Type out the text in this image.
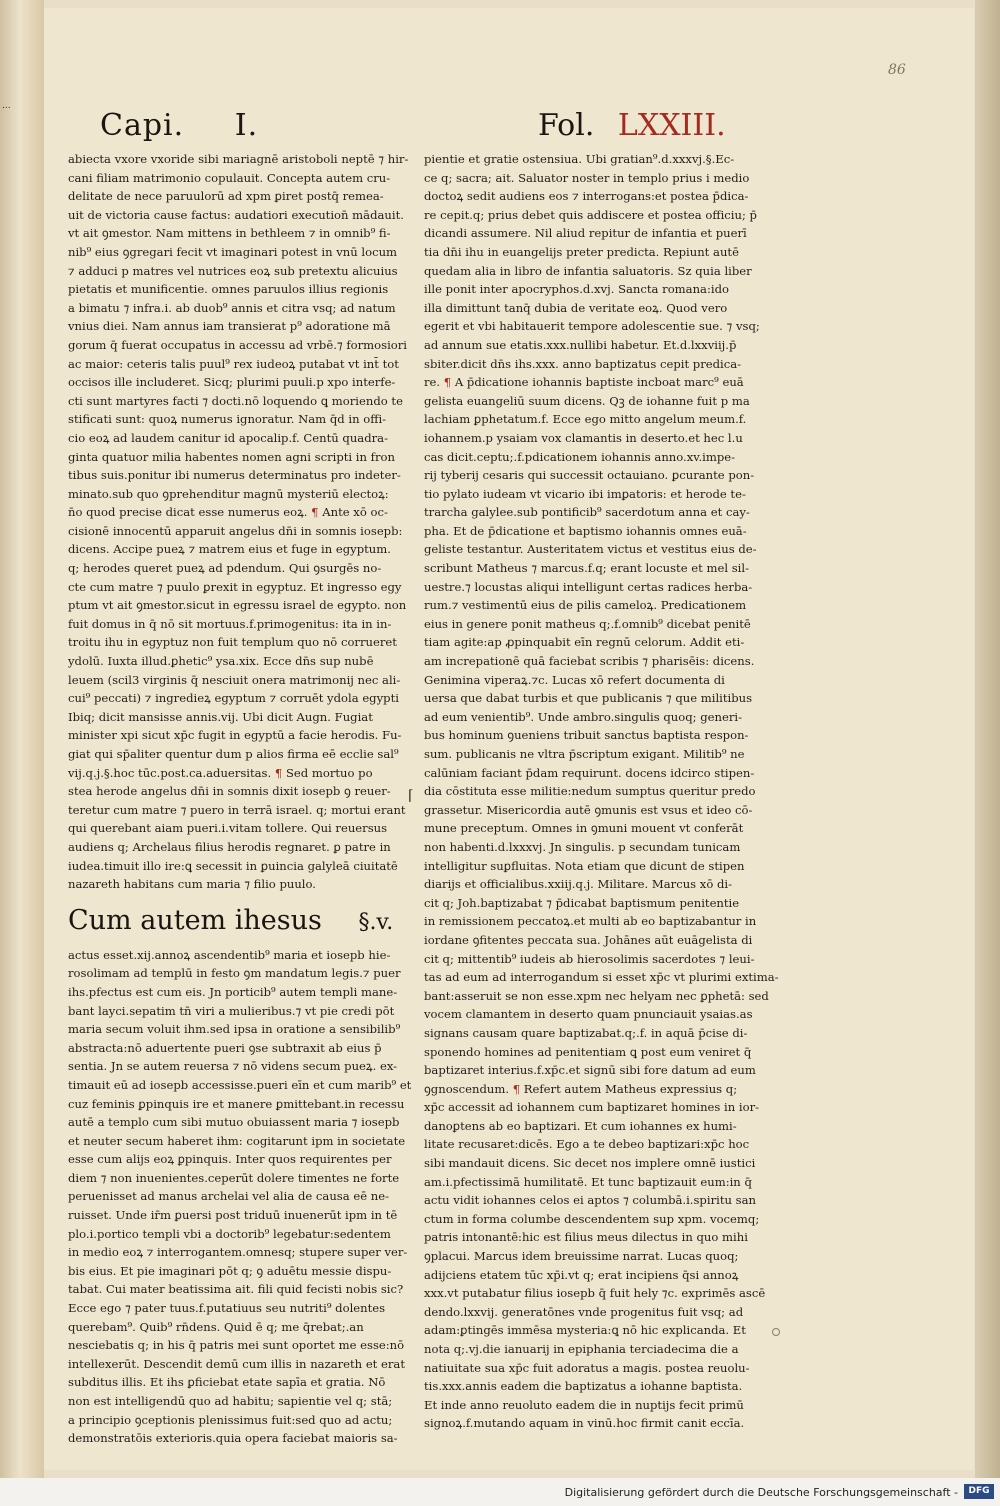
...
86
Capi. I.	Fol. LXXIII.
abiecta vxore vxoride sibi mariagnē aristoboli neptē ⁊ hir-
cani filiam matrimonio copulauit. Concepta autem cru-
delitate de nece paruulorū ad xpm ꝑiret postq̄ remea-
uit de victoria cause factus: audatiori execution̄ mādauit.
vt ait ꝯmestor. Nam mittens in bethleem ⁊ in omnib⁹ fi-
nib⁹ eius ꝯgregari fecit vt imaginari potest in vnū locum
⁊ adduci p matres vel nutrices eoꝝ sub pretextu alicuius
pietatis et munificentie. omnes paruulos illius regionis
a bimatu ⁊ infra.i. ab duob⁹ annis et citra vsq; ad natum
vnius diei. Nam annus iam transierat p⁹ adoratione mā
gorum q̄ fuerat occupatus in accessu ad vrbē.⁊ formosiori
ac maior: ceteris talis puul⁹ rex iudeoꝝ putabat vt int̄ tot
occisos ille includeret. Sicq; plurimi puuli.p xpo interfe-
cti sunt martyres facti ⁊ docti.nō loquendo ꝗ moriendo te
stificati sunt: quoꝝ numerus ignoratur. Nam q̄d in offi-
cio eoꝝ ad laudem canitur id apocalip.f. Centū quadra-
ginta quatuor milia habentes nomen agni scripti in fron
tibus suis.ponitur ibi numerus determinatus pro indeter-
minato.sub quo ꝯprehenditur magnū mysteriū electoꝝ:
n̄o quod precise dicat esse numerus eoꝝ. ¶ Ante xō oc-
cisionē innocentū apparuit angelus dn̄i in somnis iosepb:
dicens. Accipe pueꝝ ⁊ matrem eius et fuge in egyptum.
q; herodes queret pueꝝ ad pdendum. Qui ꝯsurgēs no-
cte cum matre ⁊ puulo ꝑrexit in egyptuz. Et ingresso egy
ptum vt ait ꝯmestor.sicut in egressu israel de egypto. non
fuit domus in q̄ nō sit mortuus.f.primogenitus: ita in in-
troitu ihu in egyptuz non fuit templum quo nō corrueret
ydolū. Iuxta illud.ꝑhetic⁹ ysa.xix. Ecce dn̄s sup nubē
leuem (scil3 virginis q̄ nesciuit onera matrimonij nec ali-
cui⁹ peccati) ⁊ ingredieꝝ egyptum ⁊ corruēt ydola egypti
Ibiq; dicit mansisse annis.vij. Ubi dicit Augn. Fugiat
minister xpi sicut xp̄c fugit in egyptū a facie herodis. Fu-
giat qui sp̄aliter quentur dum p alios firma eē ecclie sal⁹
vij.q.j.§.hoc tūc.post.ca.aduersitas. ¶ Sed mortuo po
stea herode angelus dn̄i in somnis dixit iosepb ꝯ reuer-
teretur cum matre ⁊ puero in terrā israel. q; mortui erant
qui querebant aiam pueri.i.vitam tollere. Qui reuersus
audiens q; Archelaus filius herodis regnaret. ꝑ patre in
iudea.timuit illo ire:ꝗ secessit in ꝑuincia galyleā ciuitatē
nazareth habitans cum maria ⁊ filio puulo.
Cum autem ihesus §.v.
actus esset.xij.annoꝝ ascendentib⁹ maria et iosepb hie-
rosolimam ad templū in festo ꝯm mandatum legis.⁊ puer
ihs.pfectus est cum eis. Jn porticib⁹ autem templi mane-
bant layci.sepatim tn̄ viri a mulieribus.⁊ vt pie credi pōt
maria secum voluit ihm.sed ipsa in oratione a sensibilib⁹
abstracta:nō aduertente pueri ꝯse subtraxit ab eius p̄
sentia. Jn se autem reuersa ⁊ nō videns secum pueꝝ. ex-
timauit eū ad iosepb accessisse.pueri eīn et cum marib⁹ et
cuz feminis ꝑpinquis ire et manere ꝑmittebant.in recessu
autē a templo cum sibi mutuo obuiassent maria ⁊ iosepb
et neuter secum haberet ihm: cogitarunt ipm in societate
esse cum alijs eoꝝ ꝑpinquis. Inter quos requirentes per
diem ⁊ non inuenientes.ceperūt dolere timentes ne forte
peruenisset ad manus archelai vel alia de causa eē ne-
ruisset. Unde ir̄m ꝑuersi post triduū inuenerūt ipm in tē
plo.i.portico templi vbi a doctorib⁹ legebatur:sedentem
in medio eoꝝ ⁊ interrogantem.omnesq; stupere super ver-
bis eius. Et pie imaginari pōt q; ꝯ aduētu messie dispu-
tabat. Cui mater beatissima ait. fili quid fecisti nobis sic?
Ecce ego ⁊ pater tuus.f.putatiuus seu nutriti⁹ dolentes
querebam⁹. Quib⁹ rn̄dens. Quid ē q; me q̄rebat;.an
nesciebatis q; in his q̄ patris mei sunt oportet me esse:nō
intellexerūt. Descendit demū cum illis in nazareth et erat
subditus illis. Et ihs ꝑficiebat etate sapīa et gratia. Nō
non est intelligendū quo ad habitu; sapientie vel q; stā;
a principio ꝯceptionis plenissimus fuit:sed quo ad actu;
demonstratōis exterioris.quia opera faciebat maioris sa-
⌈
pientie et gratie ostensiua. Ubi gratian⁹.d.xxxvj.§.Ec-
ce q; sacra; ait. Saluator noster in templo prius i medio
doctoꝝ sedit audiens eos ⁊ interrogans:et postea p̄dica-
re cepit.q; prius debet quis addiscere et postea officiu; p̄
dicandi assumere. Nil aliud repitur de infantia et puerī
tia dn̄i ihu in euangelijs preter predicta. Repiunt autē
quedam alia in libro de infantia saluatoris. Sz quia liber
ille ponit inter apocryphos.d.xvj. Sancta romana:ido
illa dimittunt tanq̄ dubia de veritate eoꝝ. Quod vero
egerit et vbi habitauerit tempore adolescentie sue. ⁊ vsq;
ad annum sue etatis.xxx.nullibi habetur. Et.d.lxxviij.p̄
sbiter.dicit dn̄s ihs.xxx. anno baptizatus cepit predica-
re. ¶ A p̄dicatione iohannis baptiste incboat marc⁹ euā
gelista euangeliū suum dicens. Qꝫ de iohanne fuit p ma
lachiam ꝑphetatum.f. Ecce ego mitto angelum meum.f.
iohannem.p ysaiam vox clamantis in deserto.et hec l.u
cas dicit.ceptu;.f.pdicationem iohannis anno.xv.impe-
rij tyberij cesaris qui successit octauiano. ꝑcurante pon-
tio pylato iudeam vt vicario ibi imꝑatoris: et herode te-
trarcha galylee.sub pontificib⁹ sacerdotum anna et cay-
pha. Et de p̄dicatione et baptismo iohannis omnes euā-
geliste testantur. Austeritatem victus et vestitus eius de-
scribunt Matheus ⁊ marcus.f.q; erant locuste et mel sil-
uestre.⁊ locustas aliqui intelligunt certas radices herba-
rum.⁊ vestimentū eius de pilis cameloꝝ. Predicationem
eius in genere ponit matheus q;.f.omnib⁹ dicebat penitē
tiam agite:ap ꝓpinquabit eīn regnū celorum. Addit eti-
am increpationē quā faciebat scribis ⁊ pharisēis: dicens.
Genimina viperaꝝ.⁊c. Lucas xō refert documenta di
uersa que dabat turbis et que publicanis ⁊ que militibus
ad eum venientib⁹. Unde ambro.singulis quoq; generi-
bus hominum ꝯueniens tribuit sanctus baptista respon-
sum. publicanis ne vltra p̄scriptum exigant. Militib⁹ ne
calūniam faciant p̄dam requirunt. docens idcirco stipen-
dia cōstituta esse militie:nedum sumptus queritur predo
grassetur. Misericordia autē ꝯmunis est vsus et ideo cō-
mune preceptum. Omnes in ꝯmuni mouent vt conferāt
non habenti.d.lxxxvj. Jn singulis. p secundam tunicam
intelligitur suꝑfluitas. Nota etiam que dicunt de stipen
diarijs et officialibus.xxiij.q.j. Militare. Marcus xō di-
cit q; Joh.baptizabat ⁊ p̄dicabat baptismum penitentie
in remissionem peccatoꝝ.et multi ab eo baptizabantur in
iordane ꝯfitentes peccata sua. Johānes aūt euāgelista di
cit q; mittentib⁹ iudeis ab hierosolimis sacerdotes ⁊ leui-
tas ad eum ad interrogandum si esset xp̄c vt plurimi extima-
bant:asseruit se non esse.xpm nec helyam nec ꝑphetā: sed
vocem clamantem in deserto quam pnunciauit ysaias.as
signans causam quare baptizabat.q;.f. in aquā p̄cise di-
sponendo homines ad penitentiam ꝗ post eum veniret q̄
baptizaret interius.f.xp̄c.et signū sibi fore datum ad eum
ꝯgnoscendum. ¶ Refert autem Matheus expressius q;
xp̄c accessit ad iohannem cum baptizaret homines in ior-
danoꝑtens ab eo baptizari. Et cum iohannes ex humi-
litate recusaret:dicēs. Ego a te debeo baptizari:xp̄c hoc
sibi mandauit dicens. Sic decet nos implere omnē iustici
am.i.pfectissimā humilitatē. Et tunc baptizauit eum:in q̄
actu vidit iohannes celos ei aptos ⁊ columbā.i.spiritu san
ctum in forma columbe descendentem sup xpm. vocemq;
patris intonantē:hic est filius meus dilectus in quo mihi
ꝯplacui. Marcus idem breuissime narrat. Lucas quoq;
adijciens etatem tūc xp̄i.vt q; erat incipiens q̄si annoꝝ
xxx.vt putabatur filius iosepb q̄ fuit hely ⁊c. exprimēs ascē
dendo.lxxvij. generatōnes vnde progenitus fuit vsq; ad
adam:ꝑtingēs immēsa mysteria:ꝗ nō hic explicanda. Et
nota q;.vj.die ianuarij in epiphania terciadecima die a
natiuitate sua xp̄c fuit adoratus a magis. postea reuolu-
tis.xxx.annis eadem die baptizatus a iohanne baptista.
Et inde anno reuoluto eadem die in nuptijs fecit primū
signoꝝ.f.mutando aquam in vinū.hoc firmit canit eccīa.
Digitalisierung gefördert durch die Deutsche Forschungsgemeinschaft -	DFG
